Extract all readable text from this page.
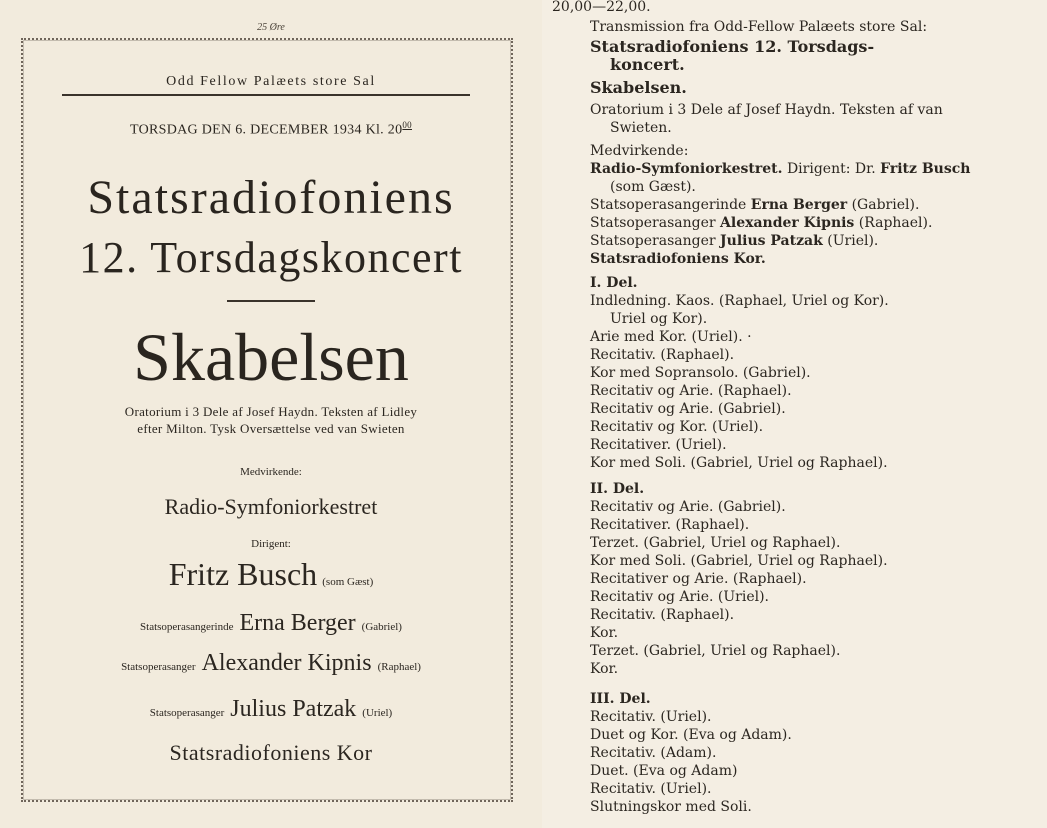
25 Øre
Odd Fellow Palæets store Sal
TORSDAG DEN 6. DECEMBER 1934 Kl. $20^{00}$
Statsradiofoniens
12. Torsdagskoncert
Skabelsen
Oratorium i 3 Dele af Josef Haydn. Teksten af Lidley
efter Milton. Tysk Oversættelse ved van Swieten
Medvirkende:
Radio-Symfoniorkestret
Dirigent:
Fritz Busch (som Gæst)
Statsoperasangerinde Erna Berger (Gabriel)
Statsoperasanger Alexander Kipnis (Raphael)
Statsoperasanger Julius Patzak (Uriel)
Statsradiofoniens Kor
20,00—22,00.
Transmission fra Odd-Fellow Palæets store Sal:
Statsradiofoniens 12. Torsdags-
koncert.
Skabelsen.
Oratorium i 3 Dele af Josef Haydn. Teksten af van
Swieten.
Medvirkende:
Radio-Symfoniorkestret. Dirigent: Dr. Fritz Busch
(som Gæst).
Statsoperasangerinde Erna Berger (Gabriel).
Statsoperasanger Alexander Kipnis (Raphael).
Statsoperasanger Julius Patzak (Uriel).
Statsradiofoniens Kor.
I. Del.
Indledning. Kaos. (Raphael, Uriel og Kor).
Uriel og Kor).
Arie med Kor. (Uriel). ·
Recitativ. (Raphael).
Kor med Sopransolo. (Gabriel).
Recitativ og Arie. (Raphael).
Recitativ og Arie. (Gabriel).
Recitativ og Kor. (Uriel).
Recitativer. (Uriel).
Kor med Soli. (Gabriel, Uriel og Raphael).
II. Del.
Recitativ og Arie. (Gabriel).
Recitativer. (Raphael).
Terzet. (Gabriel, Uriel og Raphael).
Kor med Soli. (Gabriel, Uriel og Raphael).
Recitativer og Arie. (Raphael).
Recitativ og Arie. (Uriel).
Recitativ. (Raphael).
Kor.
Terzet. (Gabriel, Uriel og Raphael).
Kor.
III. Del.
Recitativ. (Uriel).
Duet og Kor. (Eva og Adam).
Recitativ. (Adam).
Duet. (Eva og Adam)
Recitativ. (Uriel).
Slutningskor med Soli.
